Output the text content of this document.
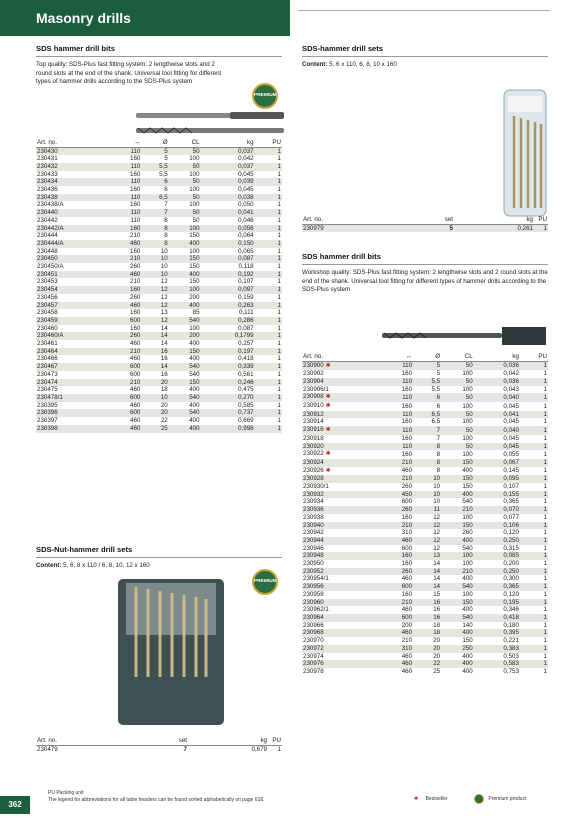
Masonry drills
SDS hammer drill bits
Top quality: SDS-Plus fast fitting system: 2 lengthwise slots and 2 round slots at the end of the shank. Universal tool fitting for different types of hammer drills according to the SDS-Plus system
PREMIUM
Art. no.	↔	Ø	CL	kg	PU
230430	110	5	50	0,037	1
230431	160	5	100	0,042	1
230432	110	5,5	50	0,037	1
230433	160	5,5	100	0,045	1
230434	110	6	50	0,039	1
230436	160	6	100	0,045	1
230438	110	6,5	50	0,038	1
230438/A	160	7	100	0,050	1
230440	110	7	50	0,041	1
230442	110	8	50	0,046	1
230442/A	160	8	100	0,056	1
230444	210	8	150	0,064	1
230444/A	460	8	400	0,150	1
230448	160	10	100	0,065	1
230450	210	10	150	0,087	1
230450/A	260	10	150	0,118	1
230451	460	10	400	0,192	1
230453	210	12	150	0,107	1
230454	160	12	100	0,097	1
230456	260	12	200	0,159	1
230457	460	12	400	0,263	1
230458	160	13	85	0,111	1
230459	600	12	540	0,286	1
230460	160	14	100	0,087	1
230460/A	260	14	200	0,1799	1
230461	460	14	400	0,257	1
230464	210	16	150	0,197	1
230466	460	16	400	0,418	1
230467	600	14	540	0,339	1
230473	600	16	540	0,561	1
230474	210	20	150	0,246	1
230475	460	18	400	0,475	1
230478/1	600	10	540	0,270	1
230395	460	20	400	0,585	1
230396	600	20	540	0,737	1
230397	460	22	400	0,669	1
230398	460	25	400	0,998	1
SDS-Nut-hammer drill sets
Content: 5, 6, 8 x 110 / 6, 8, 10, 12 x 160
PREMIUM
Art. no.	set	kg	PU
230479	7	0,679	1
SDS-hammer drill sets
Content: 5, 6 x 110, 6, 8, 10 x 160
Art. no.	set	kg	PU
230979	5	0,261	1
SDS hammer drill bits
Workshop quality: SDS-Plus fast fitting system: 2 lengthwise slots and 2 round slots at the end of the shank. Universal tool fitting for different types of hammer drills according to the SDS-Plus system
Art. no.	↔	Ø	CL	kg	PU
230900 ✱	110	5	50	0,036	1
230902	160	5	100	0,042	1
230904	110	5,5	50	0,036	1
230906/1	160	5,5	100	0,043	1
230908 ✱	110	6	50	0,040	1
230910 ✱	160	6	100	0,045	1
230912	110	6,5	50	0,041	1
230914	160	6,5	100	0,045	1
230916 ✱	110	7	50	0,040	1
230918	160	7	100	0,045	1
230920	110	8	50	0,045	1
230922 ✱	160	8	100	0,055	1
230924	210	8	150	0,067	1
230926 ✱	460	8	400	0,145	1
230928	210	10	150	0,095	1
230930/1	260	10	150	0,107	1
230932	450	10	400	0,155	1
230934	600	10	540	0,365	1
230936	260	11	210	0,070	1
230938	160	12	100	0,077	1
230940	210	12	150	0,106	1
230942	310	12	260	0,120	1
230944	460	12	400	0,250	1
230946	600	12	540	0,315	1
230948	160	13	100	0,085	1
230950	160	14	100	0,200	1
230952	260	14	210	0,250	1
230954/1	460	14	400	0,300	1
230956	600	14	540	0,365	1
230958	160	15	100	0,120	1
230960	210	16	150	0,195	1
230962/1	460	16	400	0,346	1
230964	600	16	540	0,418	1
230966	200	18	140	0,180	1
230968	460	18	400	0,395	1
230970	210	20	150	0,221	1
230972	310	20	250	0,383	1
230974	460	20	400	0,503	1
230976	460	22	400	0,583	1
230978	460	25	400	0,753	1
362
PU Packing unit
The legend for abbreviations for all table headers can be found sorted alphabetically on page 618.	✱ Bestseller	Premium product
